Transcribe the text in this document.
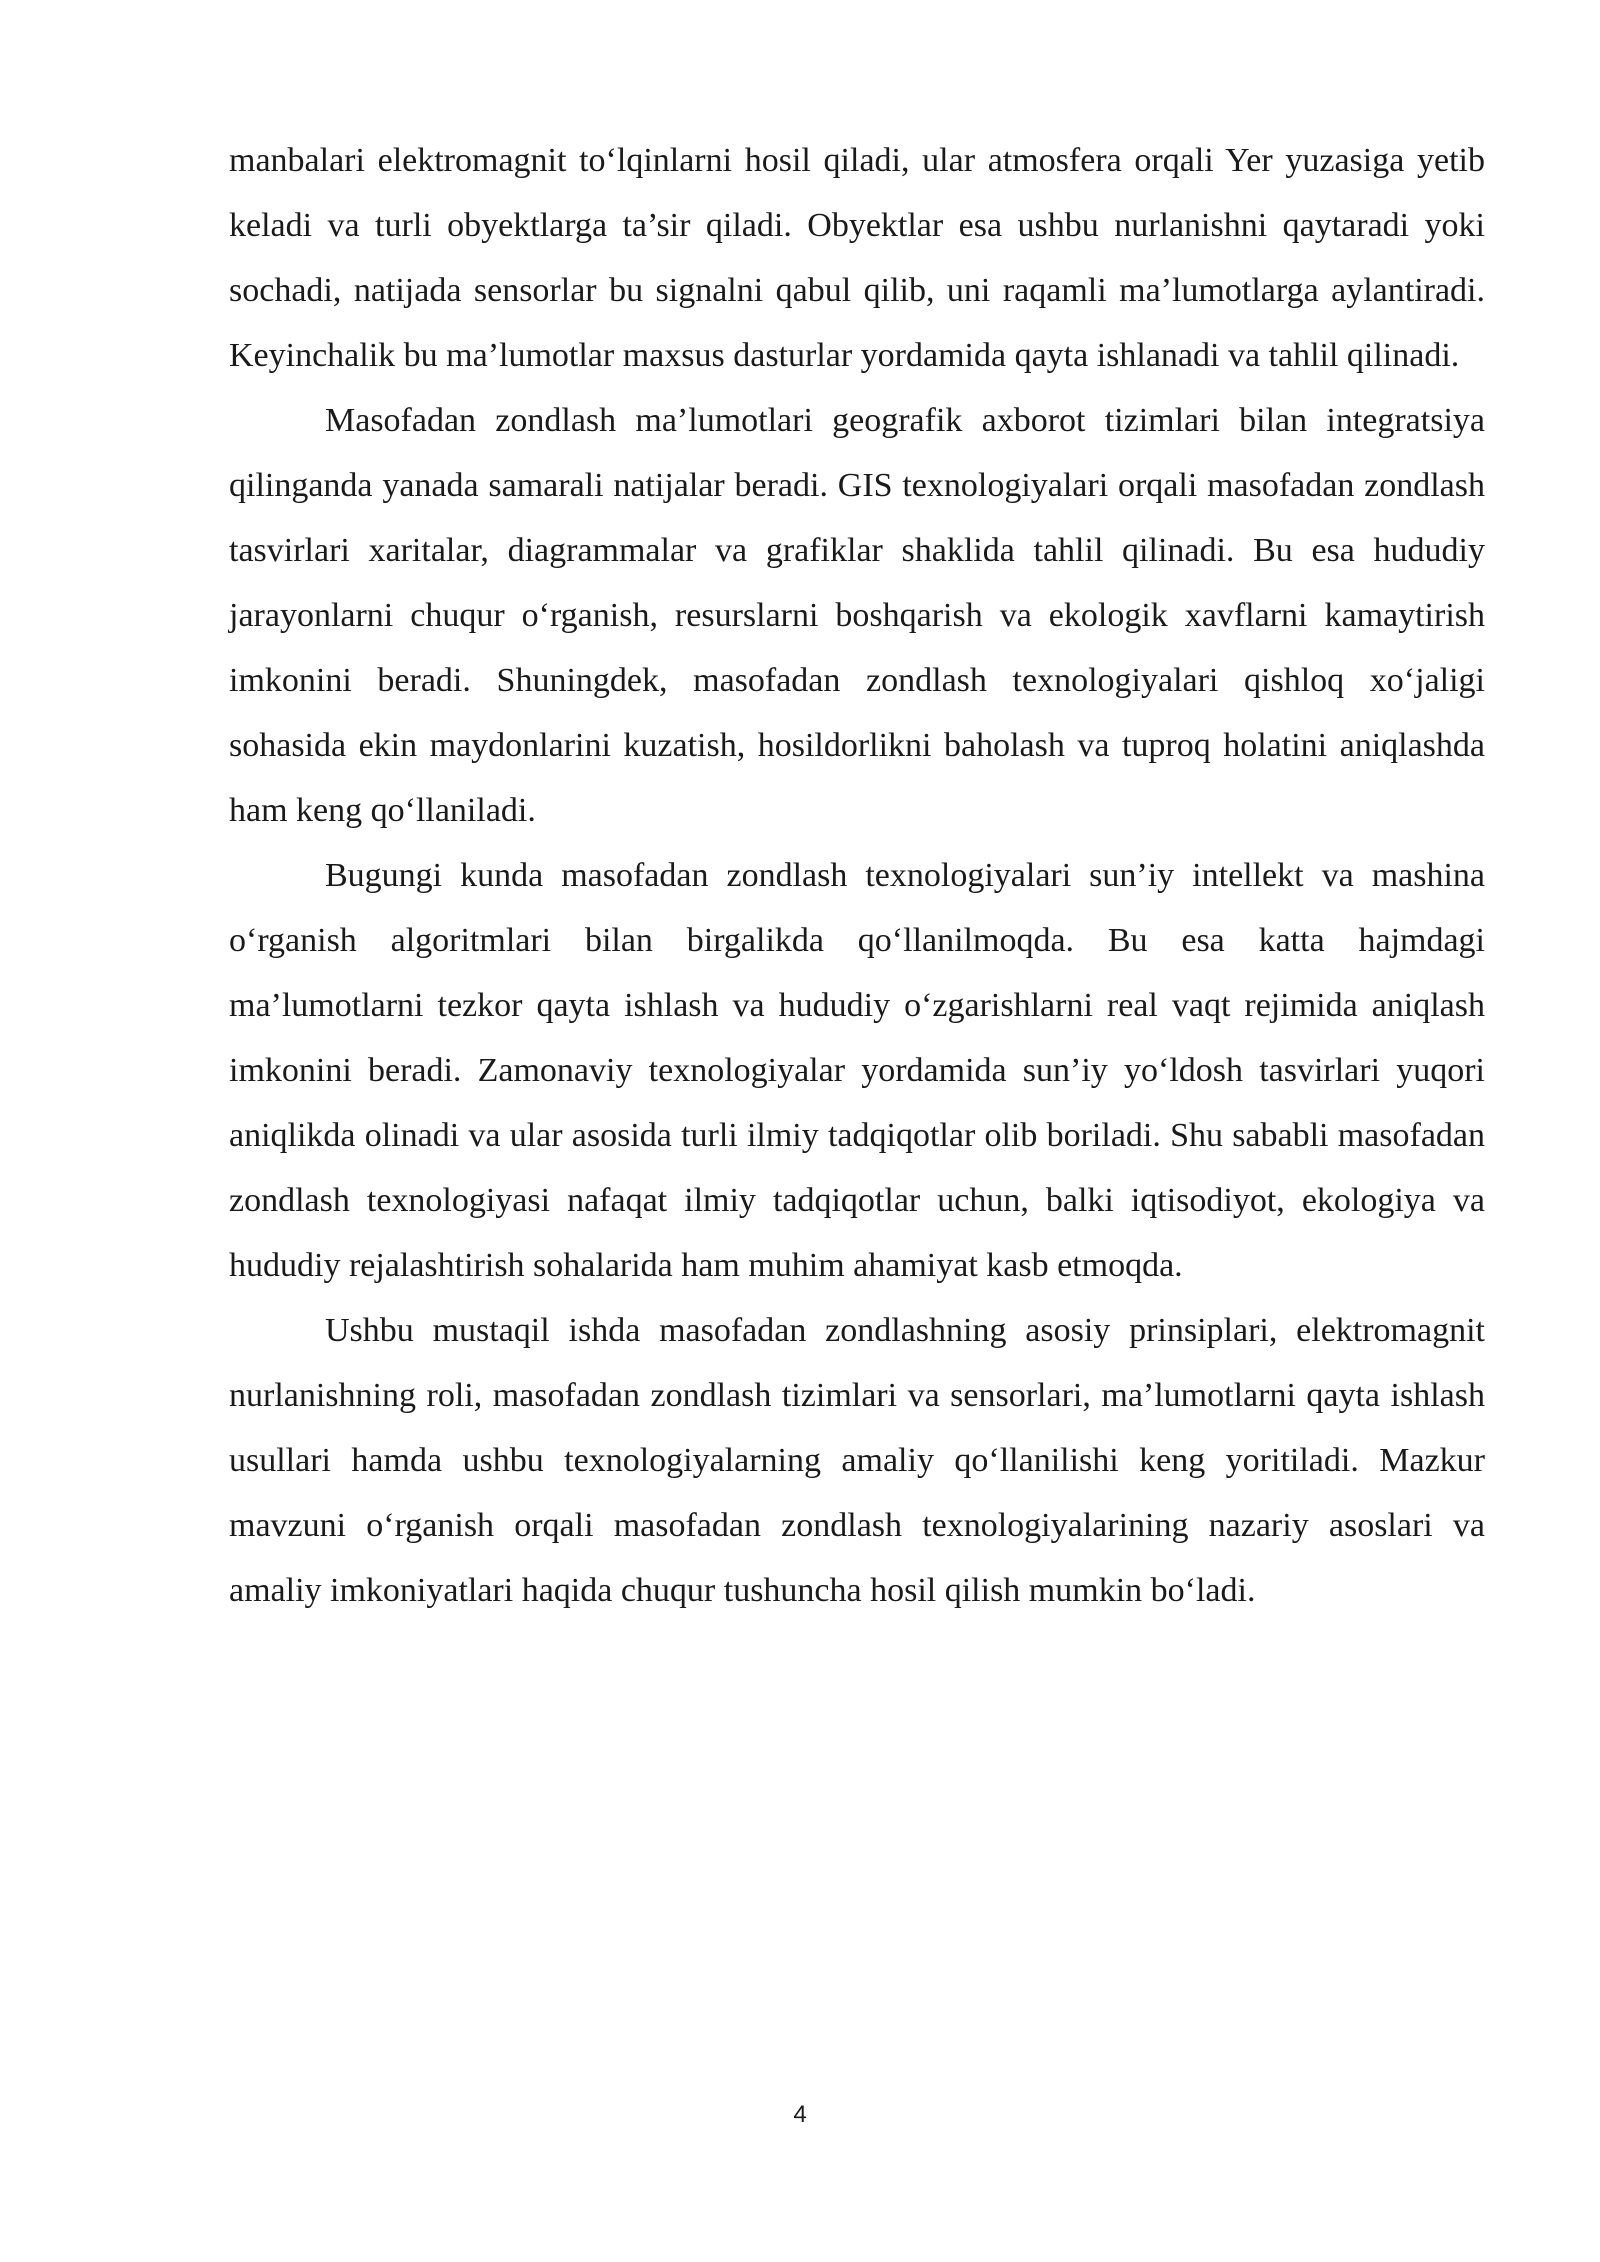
manbalari elektromagnit to‘lqinlarni hosil qiladi, ular atmosfera orqali Yer yuzasiga yetib keladi va turli obyektlarga ta’sir qiladi. Obyektlar esa ushbu nurlanishni qaytaradi yoki sochadi, natijada sensorlar bu signalni qabul qilib, uni raqamli ma’lumotlarga aylantiradi. Keyinchalik bu ma’lumotlar maxsus dasturlar yordamida qayta ishlanadi va tahlil qilinadi.

Masofadan zondlash ma’lumotlari geografik axborot tizimlari bilan integratsiya qilinganda yanada samarali natijalar beradi. GIS texnologiyalari orqali masofadan zondlash tasvirlari xaritalar, diagrammalar va grafiklar shaklida tahlil qilinadi. Bu esa hududiy jarayonlarni chuqur o‘rganish, resurslarni boshqarish va ekologik xavflarni kamaytirish imkonini beradi. Shuningdek, masofadan zondlash texnologiyalari qishloq xo‘jaligi sohasida ekin maydonlarini kuzatish, hosildorlikni baholash va tuproq holatini aniqlashda ham keng qo‘llaniladi.

Bugungi kunda masofadan zondlash texnologiyalari sun’iy intellekt va mashina o‘rganish algoritmlari bilan birgalikda qo‘llanilmoqda. Bu esa katta hajmdagi ma’lumotlarni tezkor qayta ishlash va hududiy o‘zgarishlarni real vaqt rejimida aniqlash imkonini beradi. Zamonaviy texnologiyalar yordamida sun’iy yo‘ldosh tasvirlari yuqori aniqlikda olinadi va ular asosida turli ilmiy tadqiqotlar olib boriladi. Shu sababli masofadan zondlash texnologiyasi nafaqat ilmiy tadqiqotlar uchun, balki iqtisodiyot, ekologiya va hududiy rejalashtirish sohalarida ham muhim ahamiyat kasb etmoqda.

Ushbu mustaqil ishda masofadan zondlashning asosiy prinsiplari, elektromagnit nurlanishning roli, masofadan zondlash tizimlari va sensorlari, ma’lumotlarni qayta ishlash usullari hamda ushbu texnologiyalarning amaliy qo‘llanilishi keng yoritiladi. Mazkur mavzuni o‘rganish orqali masofadan zondlash texnologiyalarining nazariy asoslari va amaliy imkoniyatlari haqida chuqur tushuncha hosil qilish mumkin bo‘ladi.

4
